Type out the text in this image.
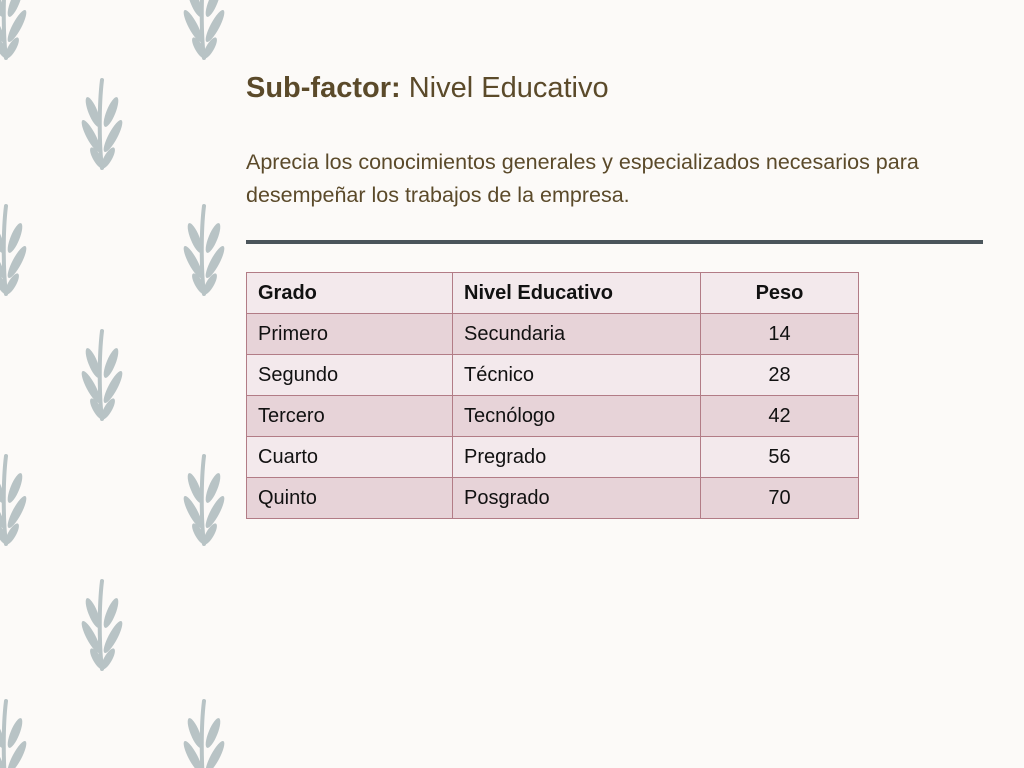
Sub-factor: Nivel Educativo

Aprecia los conocimientos generales y especializados necesarios para desempeñar los trabajos de la empresa.

Grado	Nivel Educativo	Peso
Primero	Secundaria	14
Segundo	Técnico	28
Tercero	Tecnólogo	42
Cuarto	Pregrado	56
Quinto	Posgrado	70
